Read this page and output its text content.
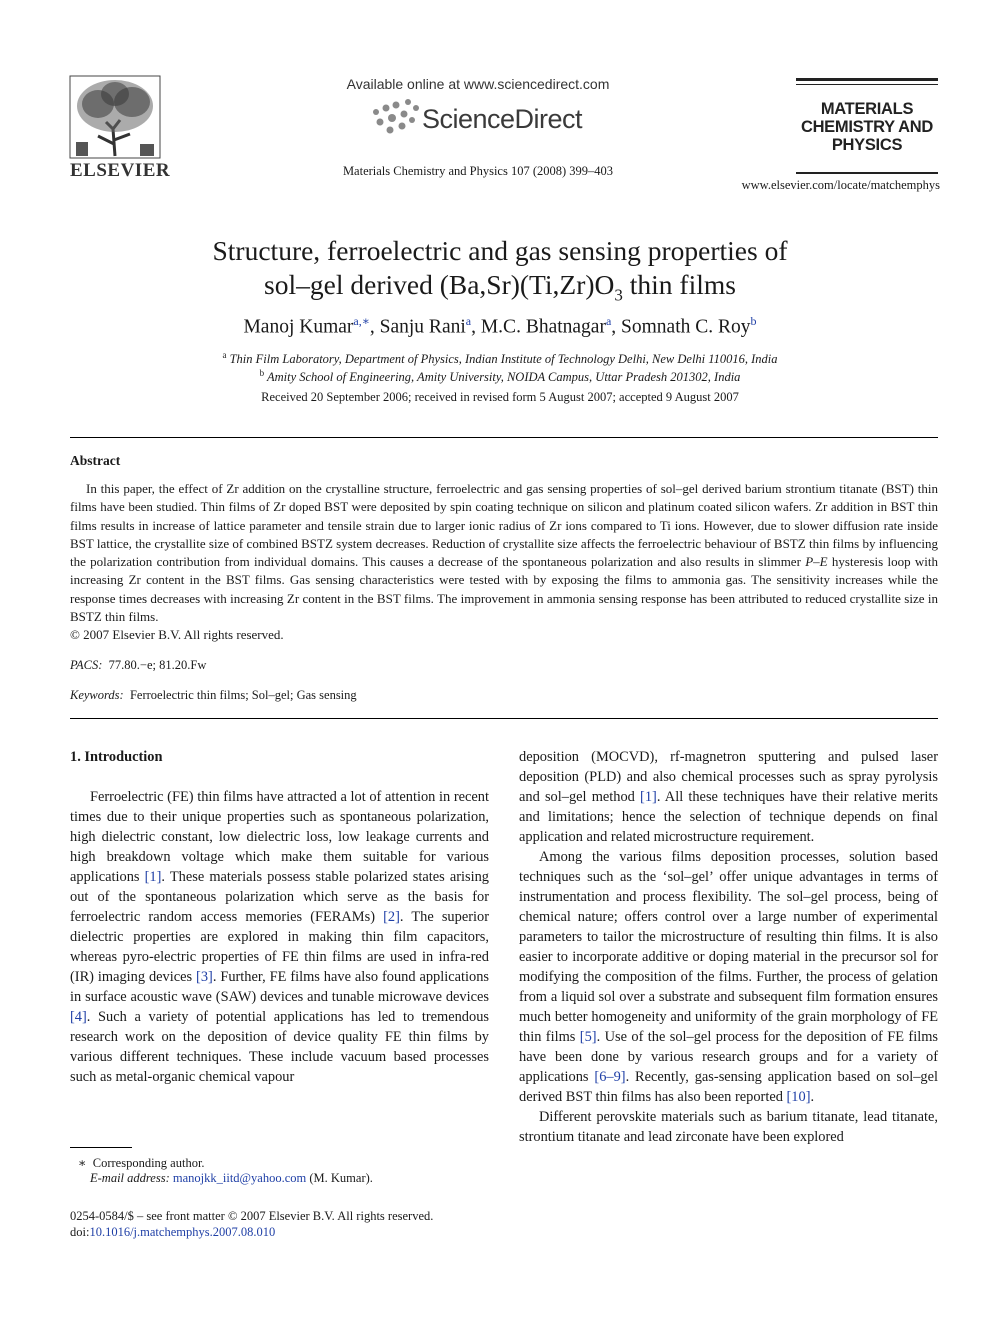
ELSEVIER
Available online at www.sciencedirect.com
ScienceDirect
Materials Chemistry and Physics 107 (2008) 399–403
MATERIALS
CHEMISTRY AND
PHYSICS
www.elsevier.com/locate/matchemphys
Structure, ferroelectric and gas sensing properties of
sol–gel derived $(Ba,Sr)(Ti,Zr)O_3$ thin films
Manoj Kumar$^{a,∗}$, Sanju Rani$^a$, M.C. Bhatnagar$^a$, Somnath C. Roy$^b$
$^a$ Thin Film Laboratory, Department of Physics, Indian Institute of Technology Delhi, New Delhi 110016, India
$^b$ Amity School of Engineering, Amity University, NOIDA Campus, Uttar Pradesh 201302, India
Received 20 September 2006; received in revised form 5 August 2007; accepted 9 August 2007
Abstract
In this paper, the effect of Zr addition on the crystalline structure, ferroelectric and gas sensing properties of sol–gel derived barium strontium titanate (BST) thin films have been studied. Thin films of Zr doped BST were deposited by spin coating technique on silicon and platinum coated silicon wafers. Zr addition in BST thin films results in increase of lattice parameter and tensile strain due to larger ionic radius of Zr ions compared to Ti ions. However, due to slower diffusion rate inside BST lattice, the crystallite size of combined BSTZ system decreases. Reduction of crystallite size affects the ferroelectric behaviour of BSTZ thin films by influencing the polarization contribution from individual domains. This causes a decrease of the spontaneous polarization and also results in slimmer P–E hysteresis loop with increasing Zr content in the BST films. Gas sensing characteristics were tested with by exposing the films to ammonia gas. The sensitivity increases while the response times decreases with increasing Zr content in the BST films. The improvement in ammonia sensing response has been attributed to reduced crystallite size in BSTZ thin films.
© 2007 Elsevier B.V. All rights reserved.
PACS: 77.80.−e; 81.20.Fw
Keywords: Ferroelectric thin films; Sol–gel; Gas sensing
1. Introduction

Ferroelectric (FE) thin films have attracted a lot of attention in recent times due to their unique properties such as spontaneous polarization, high dielectric constant, low dielectric loss, low leakage currents and high breakdown voltage which make them suitable for various applications [1]. These materials possess stable polarized states arising out of the spontaneous polarization which serve as the basis for ferroelectric random access memories (FERAMs) [2]. The superior dielectric properties are explored in making thin film capacitors, whereas pyro-electric properties of FE thin films are used in infra-red (IR) imaging devices [3]. Further, FE films have also found applications in surface acoustic wave (SAW) devices and tunable microwave devices [4]. Such a variety of potential applications has led to tremendous research work on the deposition of device quality FE thin films by various different techniques. These include vacuum based processes such as metal-organic chemical vapour

deposition (MOCVD), rf-magnetron sputtering and pulsed laser deposition (PLD) and also chemical processes such as spray pyrolysis and sol–gel method [1]. All these techniques have their relative merits and limitations; hence the selection of technique depends on final application and related microstructure requirement.

Among the various films deposition processes, solution based techniques such as the ‘sol–gel’ offer unique advantages in terms of instrumentation and process flexibility. The sol–gel process, being of chemical nature; offers control over a large number of experimental parameters to tailor the microstructure of resulting thin films. It is also easier to incorporate additive or doping material in the precursor sol for modifying the composition of the films. Further, the process of gelation from a liquid sol over a substrate and subsequent film formation ensures much better homogeneity and uniformity of the grain morphology of FE thin films [5]. Use of the sol–gel process for the deposition of FE films have been done by various research groups and for a variety of applications [6–9]. Recently, gas-sensing application based on sol–gel derived BST thin films has also been reported [10].

Different perovskite materials such as barium titanate, lead titanate, strontium titanate and lead zirconate have been explored

∗ Corresponding author.
E-mail address: manojkk_iitd@yahoo.com (M. Kumar).
0254-0584/$ – see front matter © 2007 Elsevier B.V. All rights reserved.
doi:10.1016/j.matchemphys.2007.08.010
